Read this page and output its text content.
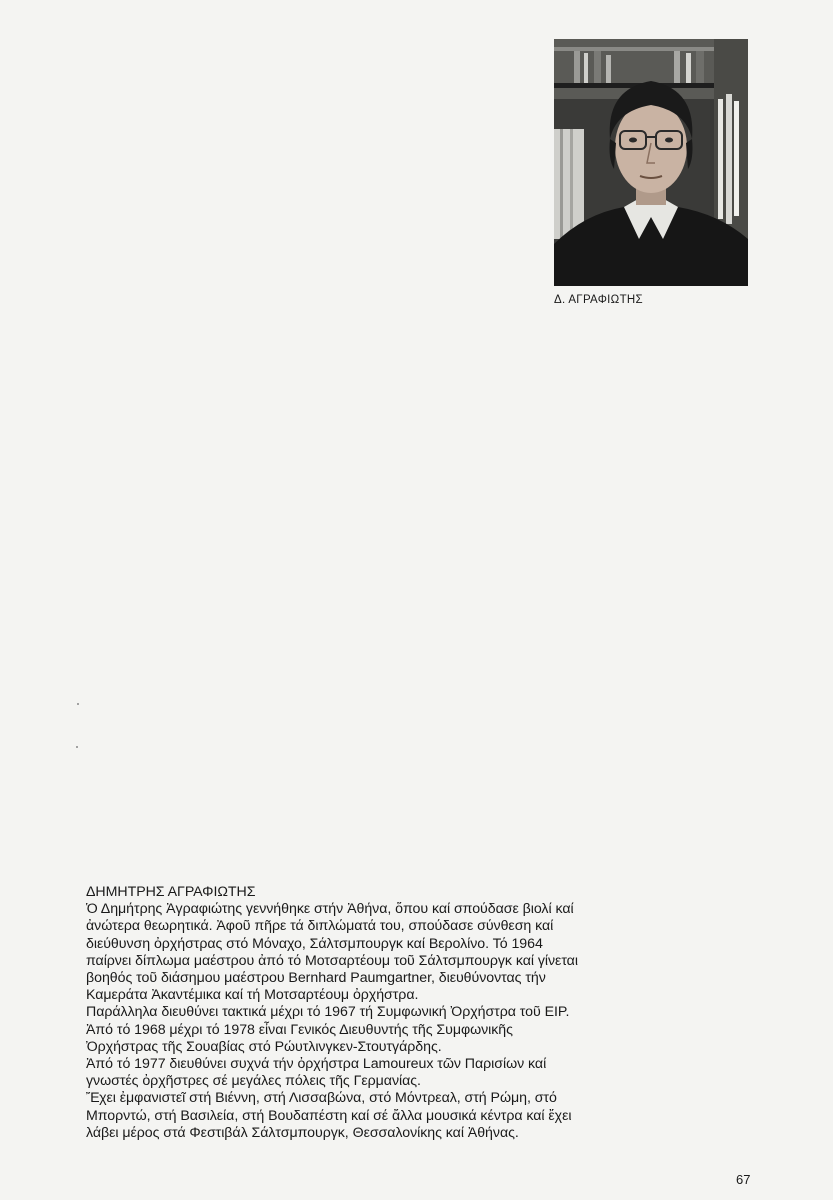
Δ. ΑΓΡΑΦΙΩΤΗΣ
ΔΗΜΗΤΡΗΣ ΑΓΡΑΦΙΩΤΗΣ
Ὁ Δημήτρης Ἀγραφιώτης γεννήθηκε στήν Ἀθήνα, ὅπου καί σπούδασε βιολί καί
ἀνώτερα θεωρητικά. Ἀφοῦ πῆρε τά διπλώματά του, σπούδασε σύνθεση καί
διεύθυνση ὀρχήστρας στό Μόναχο, Σάλτσμπουργκ καί Βερολίνο. Τό 1964
παίρνει δίπλωμα μαέστρου ἀπό τό Μοτσαρτέουμ τοῦ Σάλτσμπουργκ καί γίνεται
βοηθός τοῦ διάσημου μαέστρου Bernhard Paumgartner, διευθύνοντας τήν
Καμεράτα Ἀκαντέμικα καί τή Μοτσαρτέουμ ὀρχήστρα.
Παράλληλα διευθύνει τακτικά μέχρι τό 1967 τή Συμφωνική Ὀρχήστρα τοῦ ΕΙΡ.
Ἀπό τό 1968 μέχρι τό 1978 εἶναι Γενικός Διευθυντής τῆς Συμφωνικῆς
Ὀρχήστρας τῆς Σουαβίας στό Ρώυτλινγκεν-Στουτγάρδης.
Ἀπό τό 1977 διευθύνει συχνά τήν ὀρχήστρα Lamoureux τῶν Παρισίων καί
γνωστές ὀρχῆστρες σέ μεγάλες πόλεις τῆς Γερμανίας.
Ἔχει ἐμφανιστεῖ στή Βιέννη, στή Λισσαβώνα, στό Μόντρεαλ, στή Ρώμη, στό
Μπορντώ, στή Βασιλεία, στή Βουδαπέστη καί σέ ἄλλα μουσικά κέντρα καί ἔχει
λάβει μέρος στά Φεστιβάλ Σάλτσμπουργκ, Θεσσαλονίκης καί Ἀθήνας.
67
